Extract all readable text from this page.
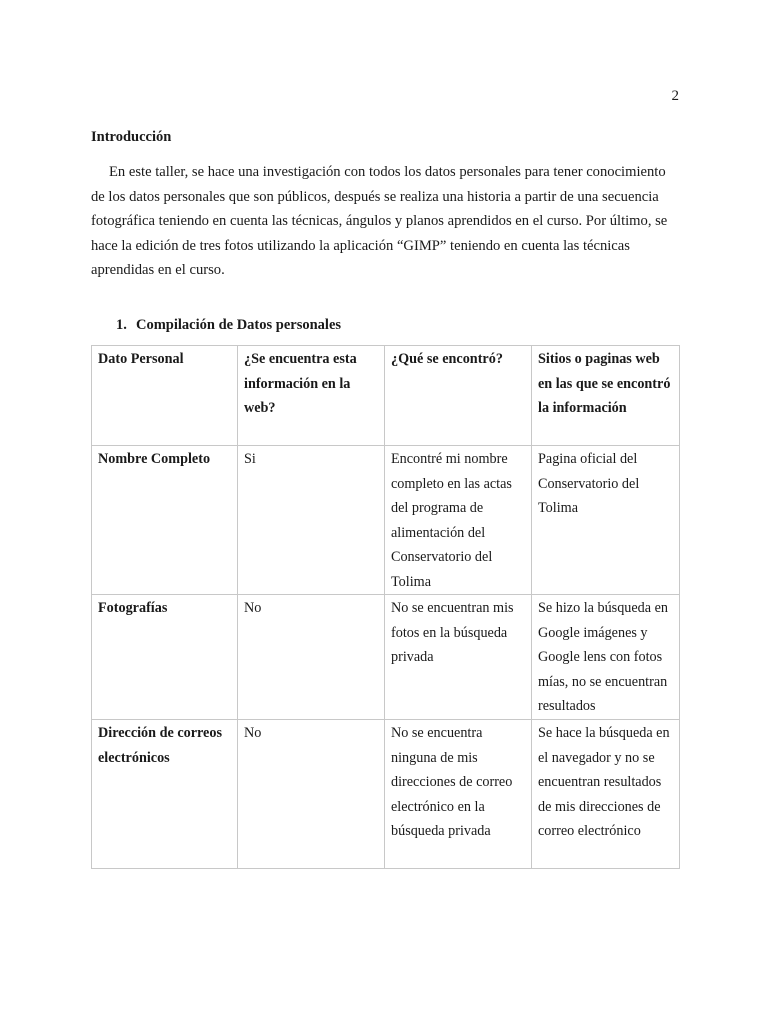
2
Introducción

En este taller, se hace una investigación con todos los datos personales para tener conocimiento de los datos personales que son públicos, después se realiza una historia a partir de una secuencia fotográfica teniendo en cuenta las técnicas, ángulos y planos aprendidos en el curso. Por último, se hace la edición de tres fotos utilizando la aplicación “GIMP” teniendo en cuenta las técnicas aprendidas en el curso.

1. Compilación de Datos personales
Dato Personal	¿Se encuentra esta información en la web?	¿Qué se encontró?	Sitios o paginas web en las que se encontró la información
Nombre Completo	Si	Encontré mi nombre completo en las actas del programa de alimentación del Conservatorio del Tolima	Pagina oficial del Conservatorio del Tolima
Fotografías	No	No se encuentran mis fotos en la búsqueda privada	Se hizo la búsqueda en Google imágenes y Google lens con fotos mías, no se encuentran resultados
Dirección de correos electrónicos	No	No se encuentra ninguna de mis direcciones de correo electrónico en la búsqueda privada	Se hace la búsqueda en el navegador y no se encuentran resultados de mis direcciones de correo electrónico
